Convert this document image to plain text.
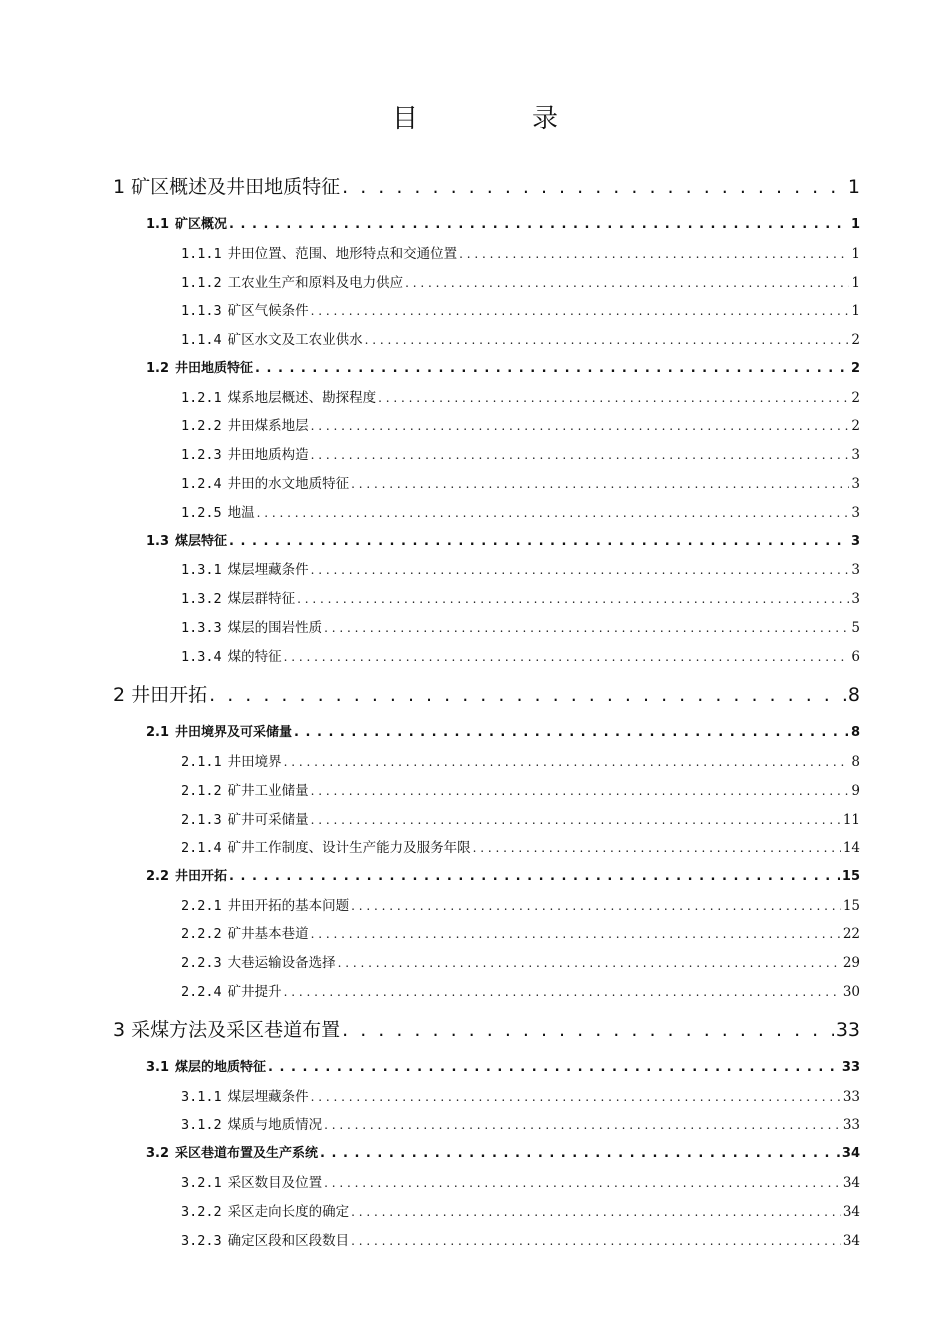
目　录
1 矿区概述及井田地质特征 . . .	1
1.1 矿区概况 . . .	1
1.1.1 井田位置、范围、地形特点和交通位置 . . .	1
1.1.2 工农业生产和原料及电力供应 . . .	1
1.1.3 矿区气候条件 . . .	1
1.1.4 矿区水文及工农业供水 . . .	2
1.2 井田地质特征 . . .	2
1.2.1 煤系地层概述、勘探程度 . . .	2
1.2.2 井田煤系地层 . . .	2
1.2.3 井田地质构造 . . .	3
1.2.4 井田的水文地质特征 . . .	3
1.2.5 地温 . . .	3
1.3 煤层特征 . . .	3
1.3.1 煤层埋藏条件 . . .	3
1.3.2 煤层群特征 . . .	3
1.3.3 煤层的围岩性质 . . .	5
1.3.4 煤的特征 . . .	6
2 井田开拓 . . .	8
2.1 井田境界及可采储量 . . .	8
2.1.1 井田境界 . . .	8
2.1.2 矿井工业储量 . . .	9
2.1.3 矿井可采储量 . . .	11
2.1.4 矿井工作制度、设计生产能力及服务年限 . . .	14
2.2 井田开拓 . . .	15
2.2.1 井田开拓的基本问题 . . .	15
2.2.2 矿井基本巷道 . . .	22
2.2.3 大巷运输设备选择 . . .	29
2.2.4 矿井提升 . . .	30
3 采煤方法及采区巷道布置 . . .	33
3.1 煤层的地质特征 . . .	33
3.1.1 煤层埋藏条件 . . .	33
3.1.2 煤质与地质情况 . . .	33
3.2 采区巷道布置及生产系统 . . .	34
3.2.1 采区数目及位置 . . .	34
3.2.2 采区走向长度的确定 . . .	34
3.2.3 确定区段和区段数目 . . .	34
